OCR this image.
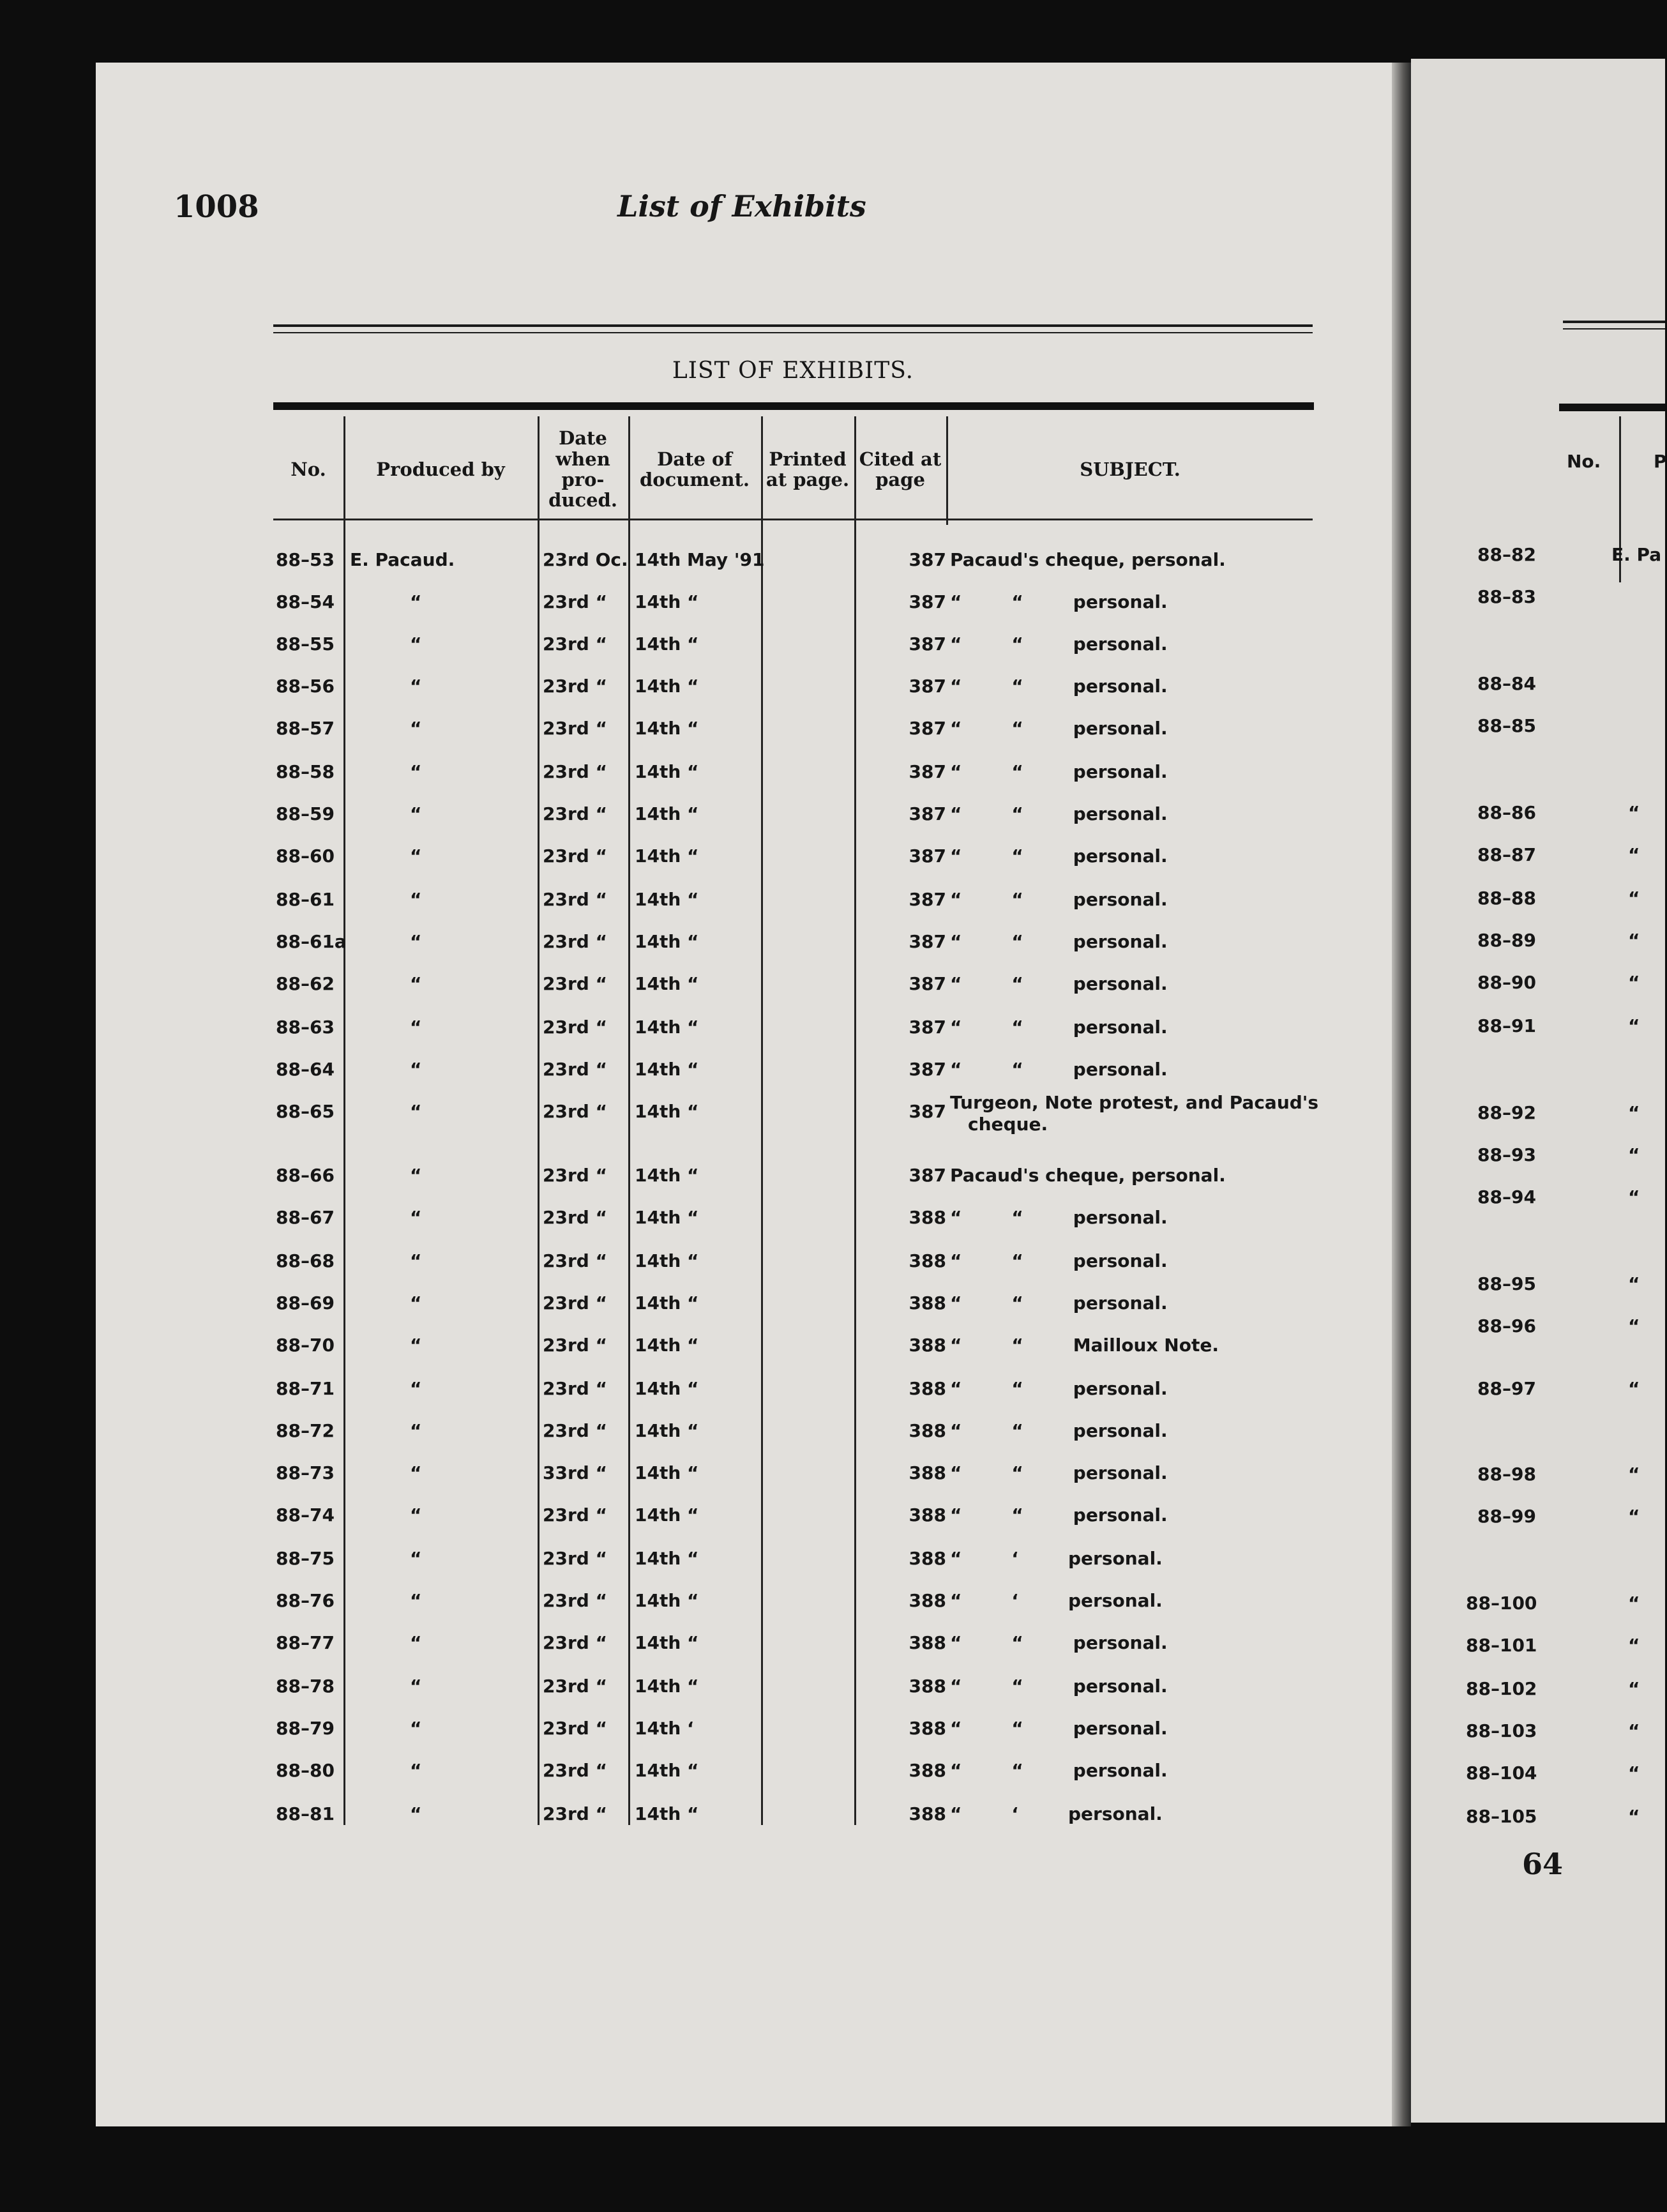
1008	List of Exhibits
LIST OF EXHIBITS.
No.	Produced by
Date when pro- duced.
Date of document.
Printed at page.
Cited at page	SUBJECT.
88–53 E. Pacaud.	23rd Oc. 14th May '91	387 Pacaud's cheque, personal.
88–54	“	23rd “ 14th “	387 “        “        personal.
88–55	“	23rd “ 14th “	387 “        “        personal.
88–56	“	23rd “ 14th “	387 “        “        personal.
88–57	“	23rd “ 14th “	387 “        “        personal.
88–58	“	23rd “ 14th “	387 “        “        personal.
88–59	“	23rd “ 14th “	387 “        “        personal.
88–60	“	23rd “ 14th “	387 “        “        personal.
88–61	“	23rd “ 14th “	387 “        “        personal.
88–61a	“	23rd “ 14th “	387 “        “        personal.
88–62	“	23rd “ 14th “	387 “        “        personal.
88–63	“	23rd “ 14th “	387 “        “        personal.
88–64	“	23rd “ 14th “	387 “        “        personal.
88–65	“	23rd “ 14th “	387 Turgeon, Note protest, and Pacaud's
cheque.
88–66	“	23rd “ 14th “	387 Pacaud's cheque, personal.
88–67	“	23rd “ 14th “	388 “        “        personal.
88–68	“	23rd “ 14th “	388 “        “        personal.
88–69	“	23rd “ 14th “	388 “        “        personal.
88–70	“	23rd “ 14th “	388 “        “        Mailloux Note.
88–71	“	23rd “ 14th “	388 “        “        personal.
88–72	“	23rd “ 14th “	388 “        “        personal.
88–73	“	33rd “ 14th “	388 “        “        personal.
88–74	“	23rd “ 14th “	388 “        “        personal.
88–75	“	23rd “ 14th “	388 “        ‘        personal.
88–76	“	23rd “ 14th “	388 “        ‘        personal.
88–77	“	23rd “ 14th “	388 “        “        personal.
88–78	“	23rd “ 14th “	388 “        “        personal.
88–79	“	23rd “ 14th ‘	388 “        “        personal.
88–80	“	23rd “ 14th “	388 “        “        personal.
88–81	“	23rd “ 14th “	388 “        ‘        personal.
No.	P
88–82	E. Pa
88–83
88–84
88–85
88–86	“
88–87	“
88–88	“
88–89	“
88–90	“
88–91	“
88–92	“
88–93	“
88–94	“
88–95	“
88–96	“
88–97	“
88–98	“
88–99	“
88–100	“
88–101	“
88–102	“
88–103	“
88–104	“
88–105	“
64
